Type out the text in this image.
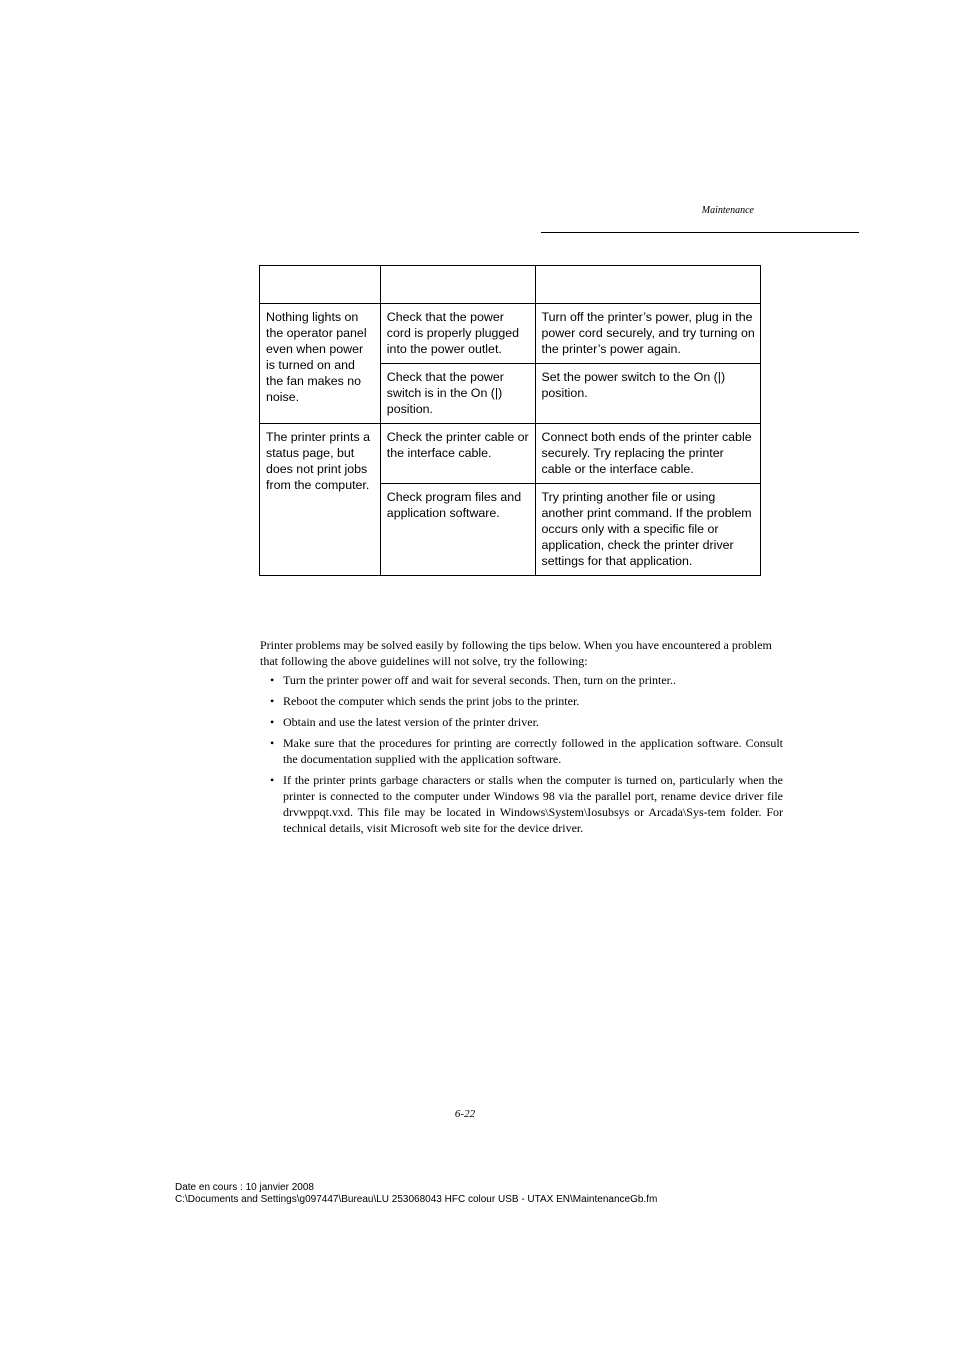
Maintenance

Nothing lights on the operator panel even when power is turned on and the fan makes no noise.	Check that the power cord is properly plugged into the power outlet.	Turn off the printer’s power, plug in the power cord securely, and try turning on the printer’s power again.
	Check that the power switch is in the On (|) position.	Set the power switch to the On (|) position.
The printer prints a status page, but does not print jobs from the computer.	Check the printer cable or the interface cable.	Connect both ends of the printer cable securely. Try replacing the printer cable or the interface cable.
	Check program files and application software.	Try printing another file or using another print command. If the problem occurs only with a specific file or application, check the printer driver settings for that application.

Printer problems may be solved easily by following the tips below. When you have encountered a problem that following the above guidelines will not solve, try the following:

• Turn the printer power off and wait for several seconds. Then, turn on the printer..
• Reboot the computer which sends the print jobs to the printer.
• Obtain and use the latest version of the printer driver.
• Make sure that the procedures for printing are correctly followed in the application software. Consult the documentation supplied with the application software.
• If the printer prints garbage characters or stalls when the computer is turned on, particularly when the printer is connected to the computer under Windows 98 via the parallel port, rename device driver file drvwppqt.vxd. This file may be located in Windows\System\Iosubsys or Arcada\Sys-tem folder. For technical details, visit Microsoft web site for the device driver.
6-22
Date en cours : 10 janvier 2008
C:\Documents and Settings\g097447\Bureau\LU 253068043 HFC colour USB - UTAX EN\MaintenanceGb.fm
